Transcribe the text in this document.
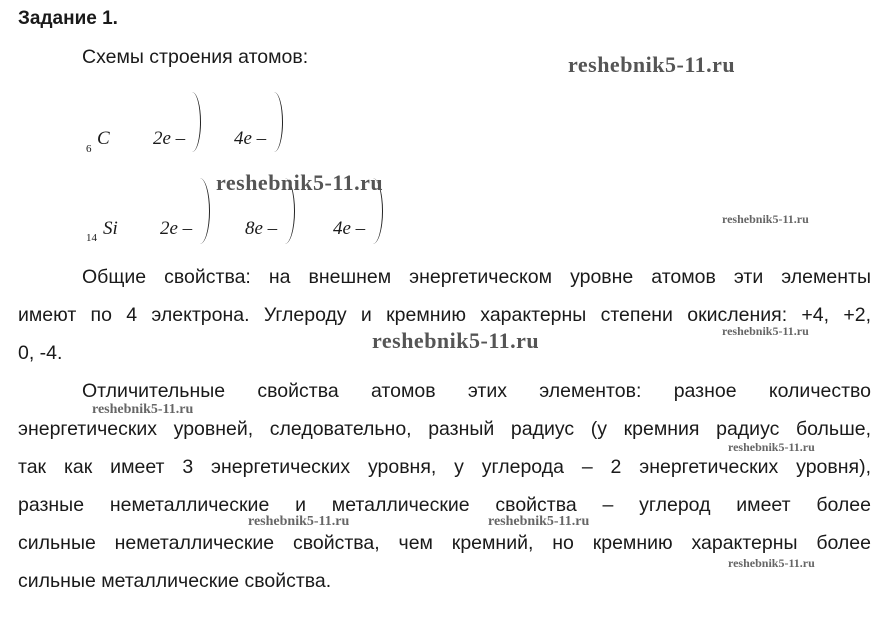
Задание 1.
Схемы строения атомов:
6 C 2e –	4e –
14 Si 2e –	8e –	4e –
Общие свойства: на внешнем энергетическом уровне атомов эти элементы
имеют по 4 электрона. Углероду и кремнию характерны степени окисления: +4, +2,
0, -4.
Отличительные свойства атомов этих элементов: разное количество
энергетических уровней, следовательно, разный радиус (у кремния радиус больше,
так как имеет 3 энергетических уровня, у углерода – 2 энергетических уровня),
разные неметаллические и металлические свойства – углерод имеет более
сильные неметаллические свойства, чем кремний, но кремнию характерны более
сильные металлические свойства.
reshebnik5-11.ru
reshebnik5-11.ru
reshebnik5-11.ru
reshebnik5-11.ru	reshebnik5-11.ru
reshebnik5-11.ru
reshebnik5-11.ru
reshebnik5-11.ru	reshebnik5-11.ru
reshebnik5-11.ru
